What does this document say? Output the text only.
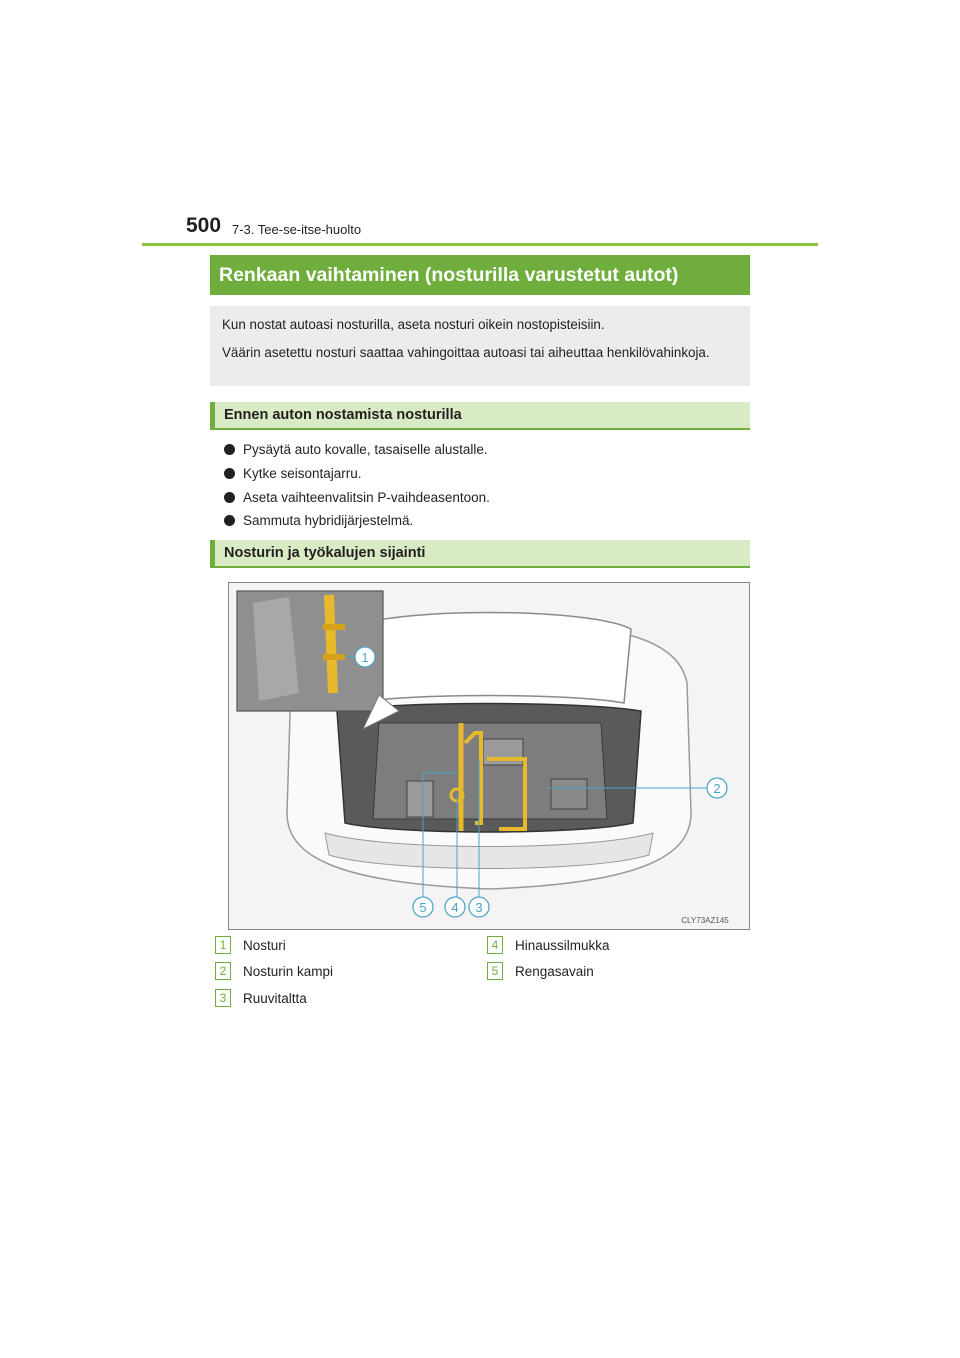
500 7-3. Tee-se-itse-huolto
Renkaan vaihtaminen (nosturilla varustetut autot)

Kun nostat autoasi nosturilla, aseta nosturi oikein nostopisteisiin.

Väärin asetettu nosturi saattaa vahingoittaa autoasi tai aiheuttaa henkilövahinkoja.

Ennen auton nostamista nosturilla
Pysäytä auto kovalle, tasaiselle alustalle.
Kytke seisontajarru.
Aseta vaihteenvalitsin P-vaihdeasentoon.
Sammuta hybridijärjestelmä.
Nosturin ja työkalujen sijainti
1
2
3
4
5
CLY73AZ145
1	Nosturi
2	Nosturin kampi
3	Ruuvitaltta
4	Hinaussilmukka
5	Rengasavain
